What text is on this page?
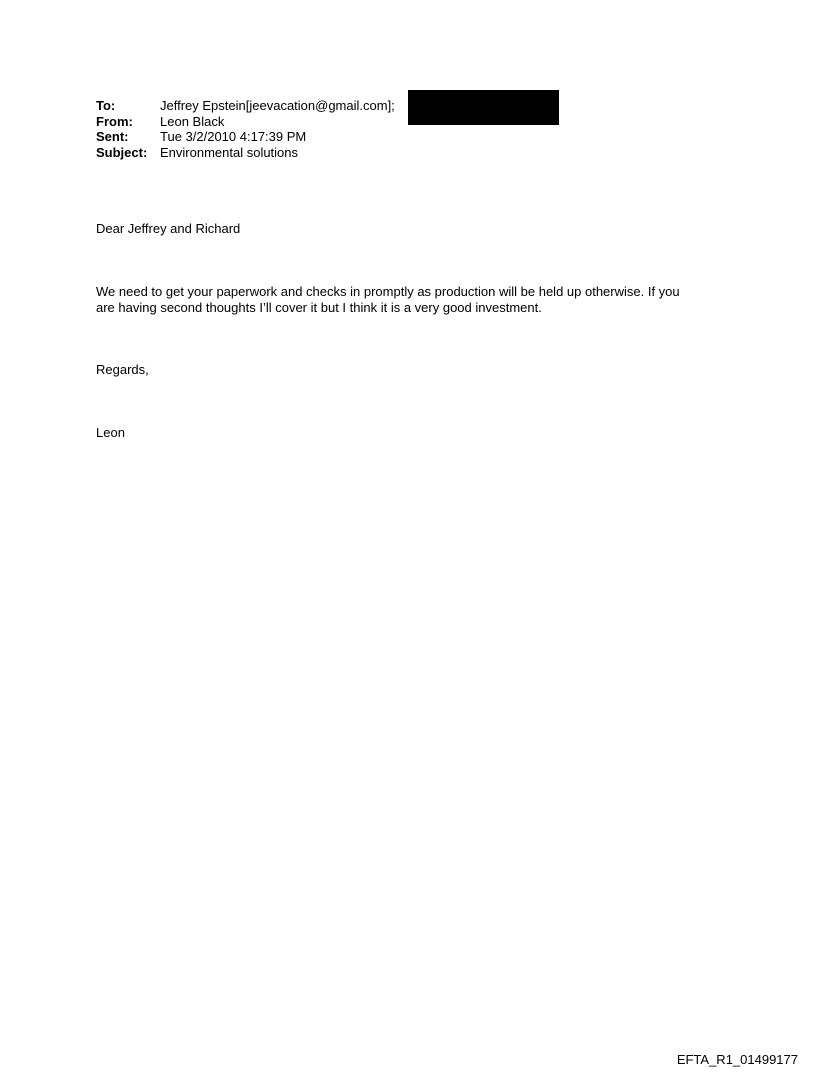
To:	Jeffrey Epstein[jeevacation@gmail.com];
From:	Leon Black
Sent:	Tue 3/2/2010 4:17:39 PM
Subject: Environmental solutions
Dear Jeffrey and Richard
We need to get your paperwork and checks in promptly as production will be held up otherwise. If you
are having second thoughts I’ll cover it but I think it is a very good investment.
Regards,
Leon
EFTA_R1_01499177
